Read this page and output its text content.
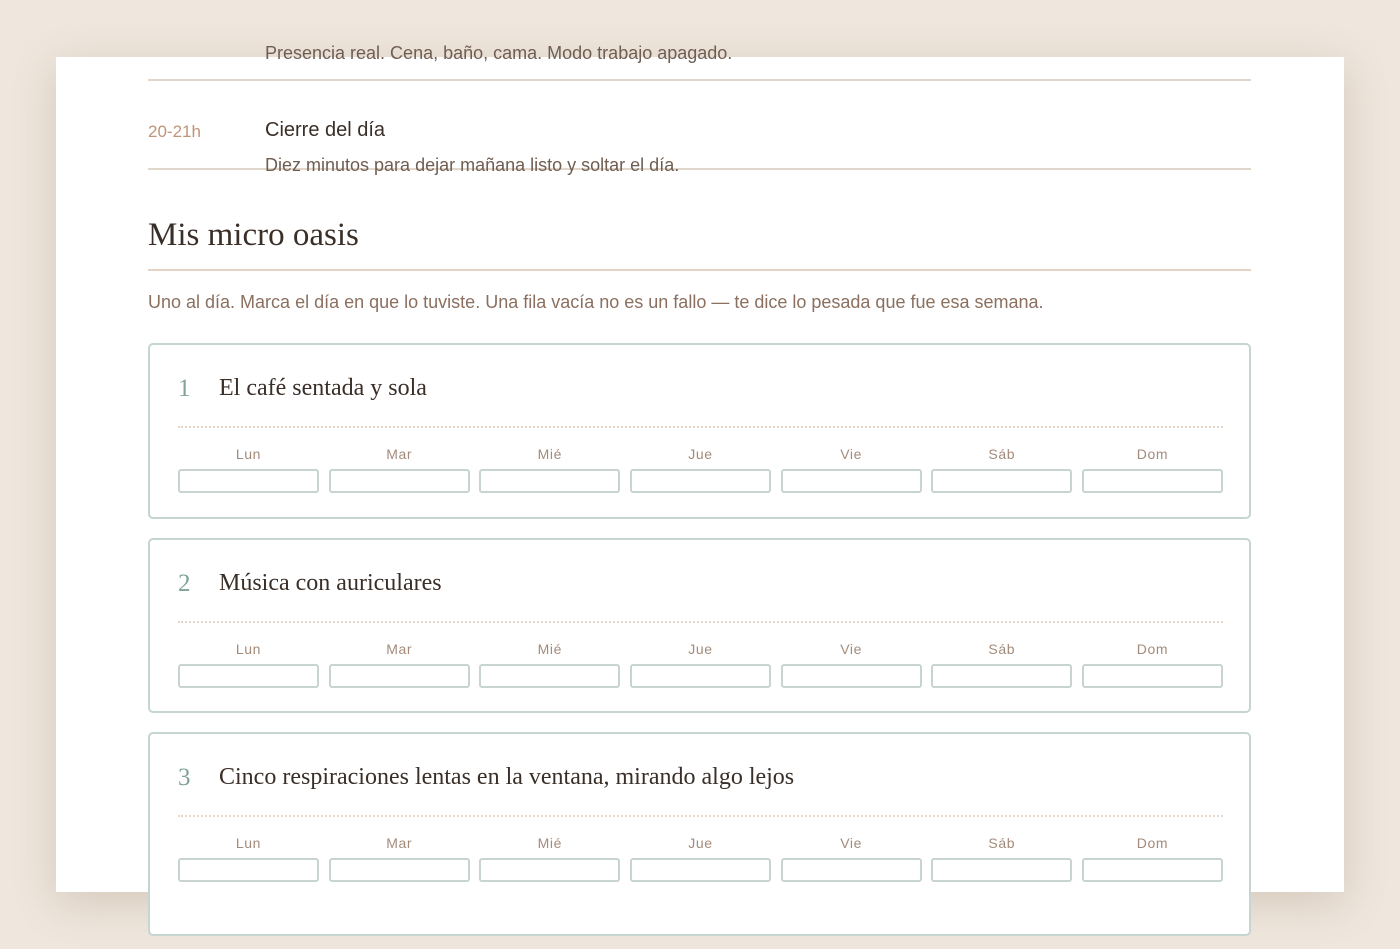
Presencia real. Cena, baño, cama. Modo trabajo apagado.

20-21h	Cierre del día
Diez minutos para dejar mañana listo y soltar el día.
Mis micro oasis
Uno al día. Marca el día en que lo tuviste. Una fila vacía no es un fallo — te dice lo pesada que fue esa semana.
1 El café sentada y sola
Lun	Mar	Mié	Jue	Vie	Sáb	Dom
2 Música con auriculares
Lun	Mar	Mié	Jue	Vie	Sáb	Dom
3 Cinco respiraciones lentas en la ventana, mirando algo lejos
Lun	Mar	Mié	Jue	Vie	Sáb	Dom
